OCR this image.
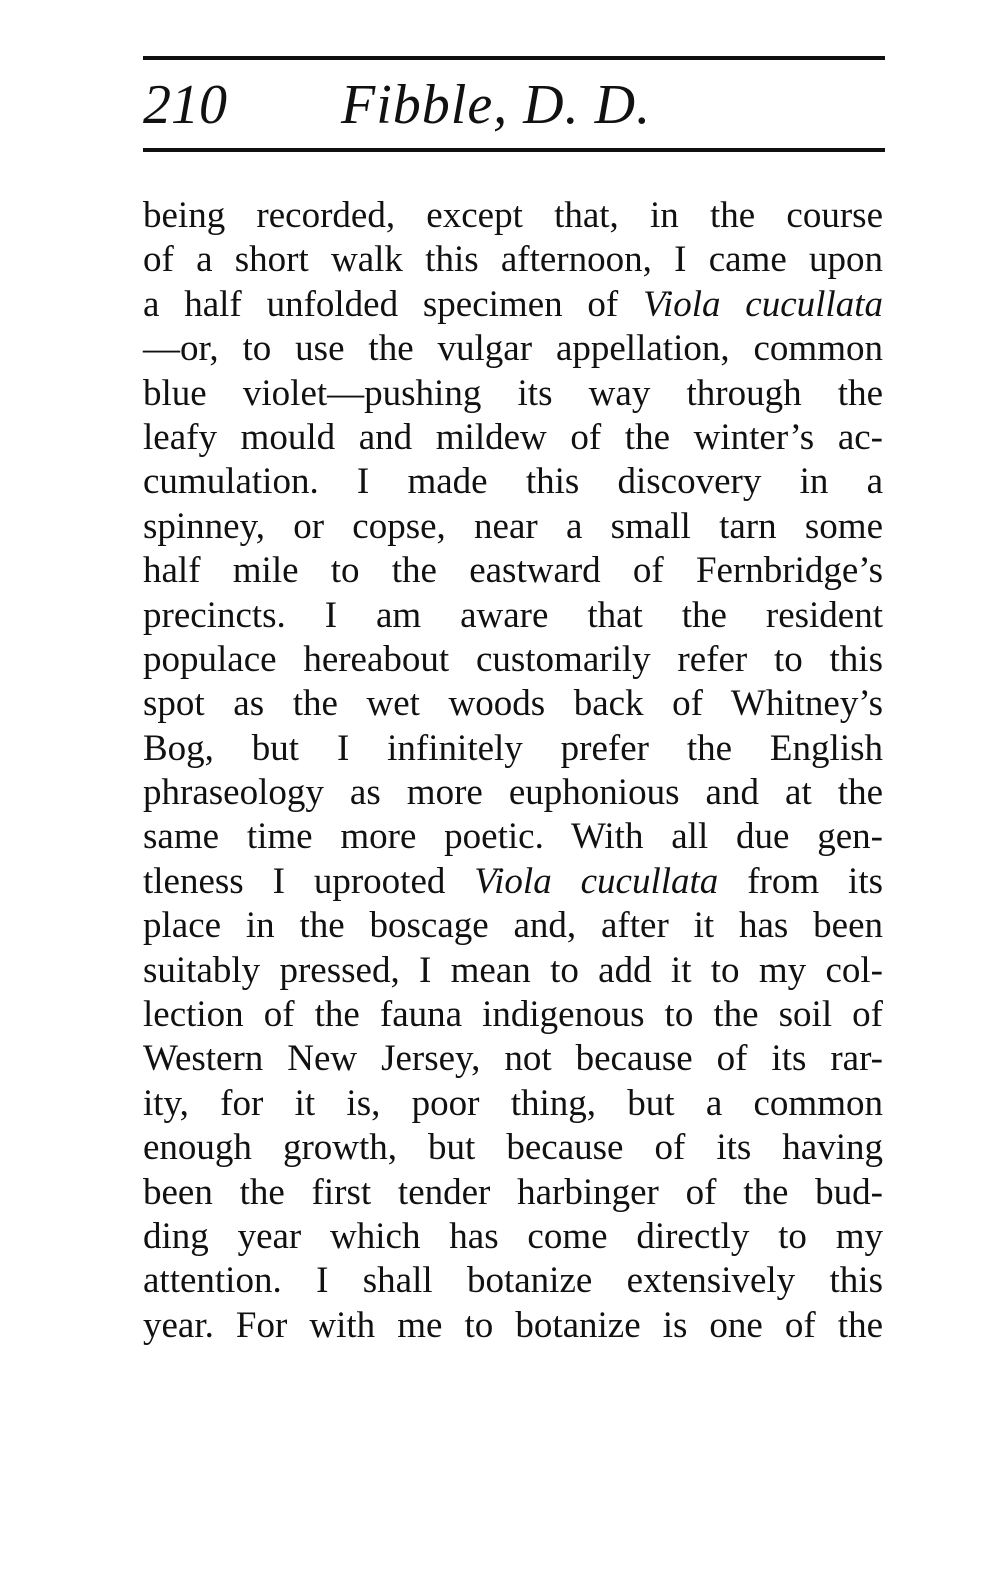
210 Fibble, D. D.
being recorded, except that, in the course
of a short walk this afternoon, I came upon
a half unfolded specimen of Viola cucullata
—or, to use the vulgar appellation, common
blue violet—pushing its way through the
leafy mould and mildew of the winter’s ac-
cumulation. I made this discovery in a
spinney, or copse, near a small tarn some
half mile to the eastward of Fernbridge’s
precincts. I am aware that the resident
populace hereabout customarily refer to this
spot as the wet woods back of Whitney’s
Bog, but I infinitely prefer the English
phraseology as more euphonious and at the
same time more poetic. With all due gen-
tleness I uprooted Viola cucullata from its
place in the boscage and, after it has been
suitably pressed, I mean to add it to my col-
lection of the fauna indigenous to the soil of
Western New Jersey, not because of its rar-
ity, for it is, poor thing, but a common
enough growth, but because of its having
been the first tender harbinger of the bud-
ding year which has come directly to my
attention. I shall botanize extensively this
year. For with me to botanize is one of the
